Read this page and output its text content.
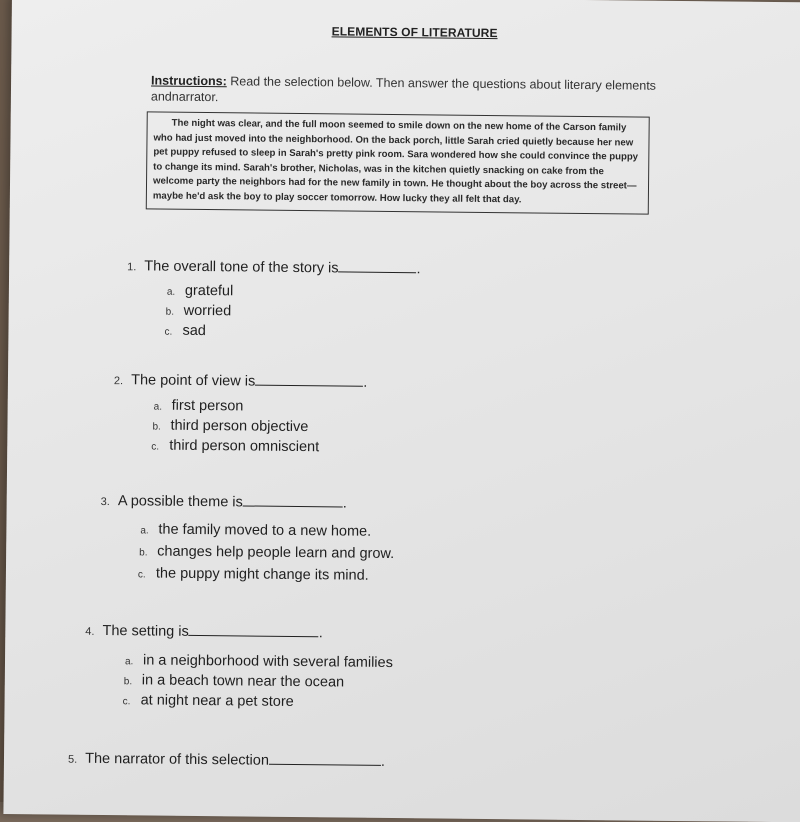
ELEMENTS OF LITERATURE
Instructions: Read the selection below. Then answer the questions about literary elements andnarrator.

The night was clear, and the full moon seemed to smile down on the new home of the Carson family who had just moved into the neighborhood. On the back porch, little Sarah cried quietly because her new pet puppy refused to sleep in Sarah's pretty pink room. Sara wondered how she could convince the puppy to change its mind. Sarah's brother, Nicholas, was in the kitchen quietly snacking on cake from the welcome party the neighbors had for the new family in town. He thought about the boy across the street—maybe he'd ask the boy to play soccer tomorrow. How lucky they all felt that day.

1. The overall tone of the story is	.
a. grateful
b. worried
c. sad
2. The point of view is	.
a. first person
b. third person objective
c. third person omniscient
3. A possible theme is	.
a. the family moved to a new home.
b. changes help people learn and grow.
c. the puppy might change its mind.
4. The setting is	.
a. in a neighborhood with several families
b. in a beach town near the ocean
c. at night near a pet store
5. The narrator of this selection	.
